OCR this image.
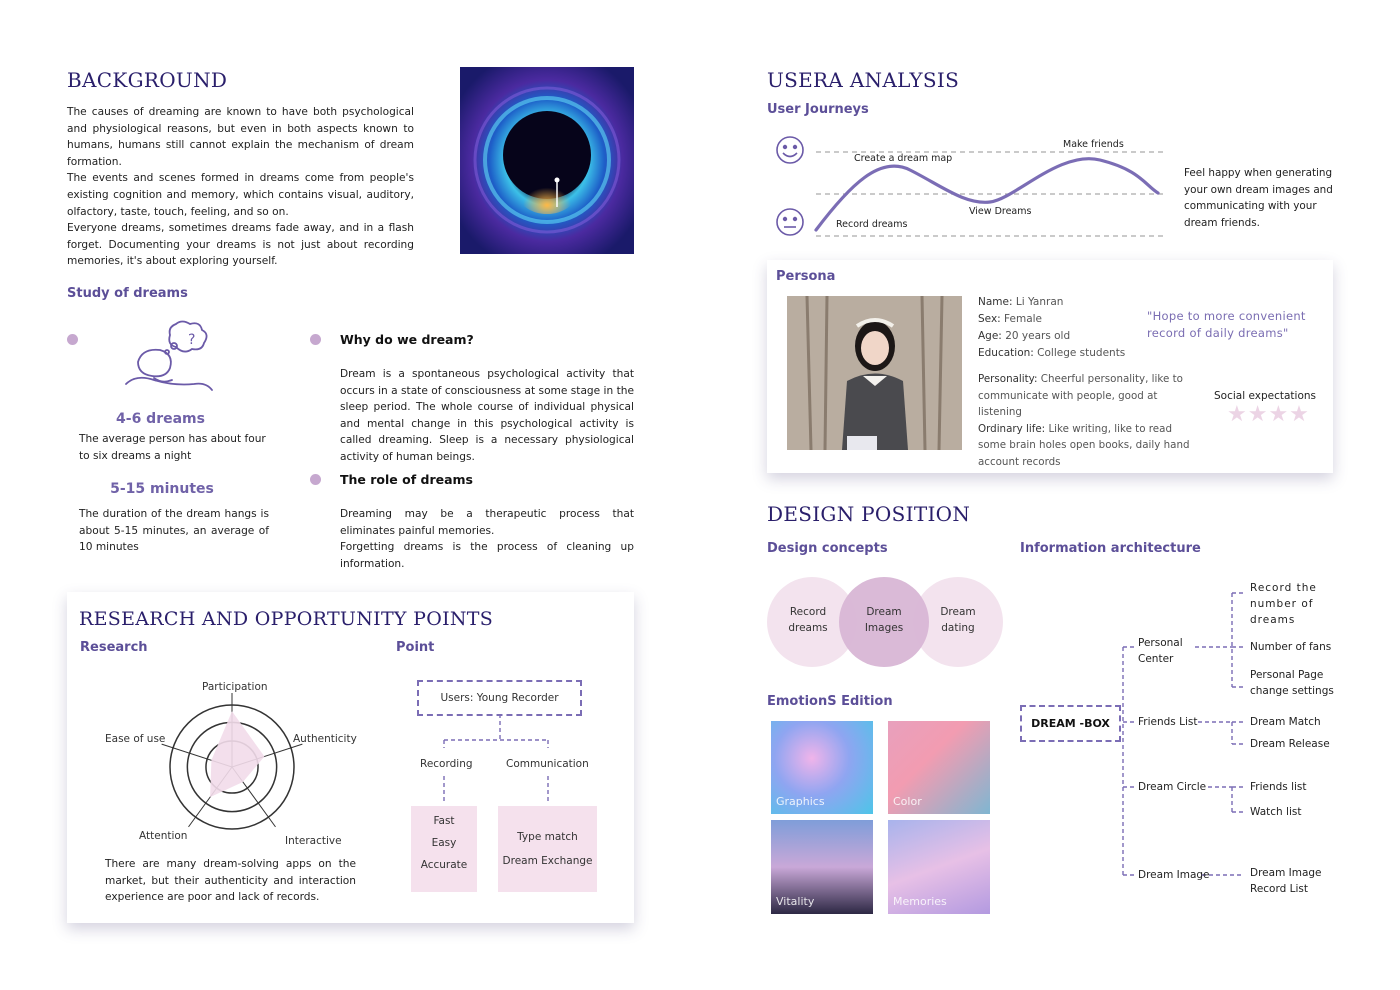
BACKGROUND
The causes of dreaming are known to have both psychological and physiological reasons, but even in both aspects known to humans, humans still cannot explain the mechanism of dream formation.
The events and scenes formed in dreams come from people's existing cognition and memory, which contains visual, auditory, olfactory, taste, touch, feeling, and so on.
Everyone dreams, sometimes dreams fade away, and in a flash forget. Documenting your dreams is not just about recording memories, it's about exploring yourself.
Study of dreams
?
4-6 dreams
The average person has about four to six dreams a night
5-15 minutes
The duration of the dream hangs is about 5-15 minutes, an average of 10 minutes
Why do we dream?
Dream is a spontaneous psychological activity that occurs in a state of consciousness at some stage in the sleep period. The whole course of individual physical and mental change in this psychological activity is called dreaming. Sleep is a necessary physiological activity of human beings.
The role of dreams
Dreaming may be a therapeutic process that eliminates painful memories.
Forgetting dreams is the process of cleaning up information.
RESEARCH AND OPPORTUNITY POINTS
Research	Point
Participation
Authenticity
Interactive
Attention
Ease of use
There are many dream-solving apps on the market, but their authenticity and interaction experience are poor and lack of records.
Users: Young Recorder
Recording	Communication
Fast
Easy
Accurate
Type match
Dream Exchange
USERA ANALYSIS
User Journeys
Record dreams
Create a dream map
View Dreams
Make friends
Feel happy when generating your own dream images and communicating with your dream friends.
Persona
Name: Li Yanran
Sex: Female
Age: 20 years old
Education: College students
Personality: Cheerful personality, like to communicate with people, good at listening
Ordinary life: Like writing, like to read some brain holes open books, daily hand account records
"Hope to more convenient record of daily dreams"
Social expectations
★★★★
DESIGN POSITION
Design concepts
Record dreams
Dream Images
Dream dating
EmotionS Edition
Graphics	Color
Vitality	Memories
Information architecture
DREAM -BOX
Personal Center
Friends List
Dream Circle
Dream Image
Record the number of dreams
Number of fans
Personal Page change settings
Dream Match
Dream Release
Friends list
Watch list
Dream Image Record List
